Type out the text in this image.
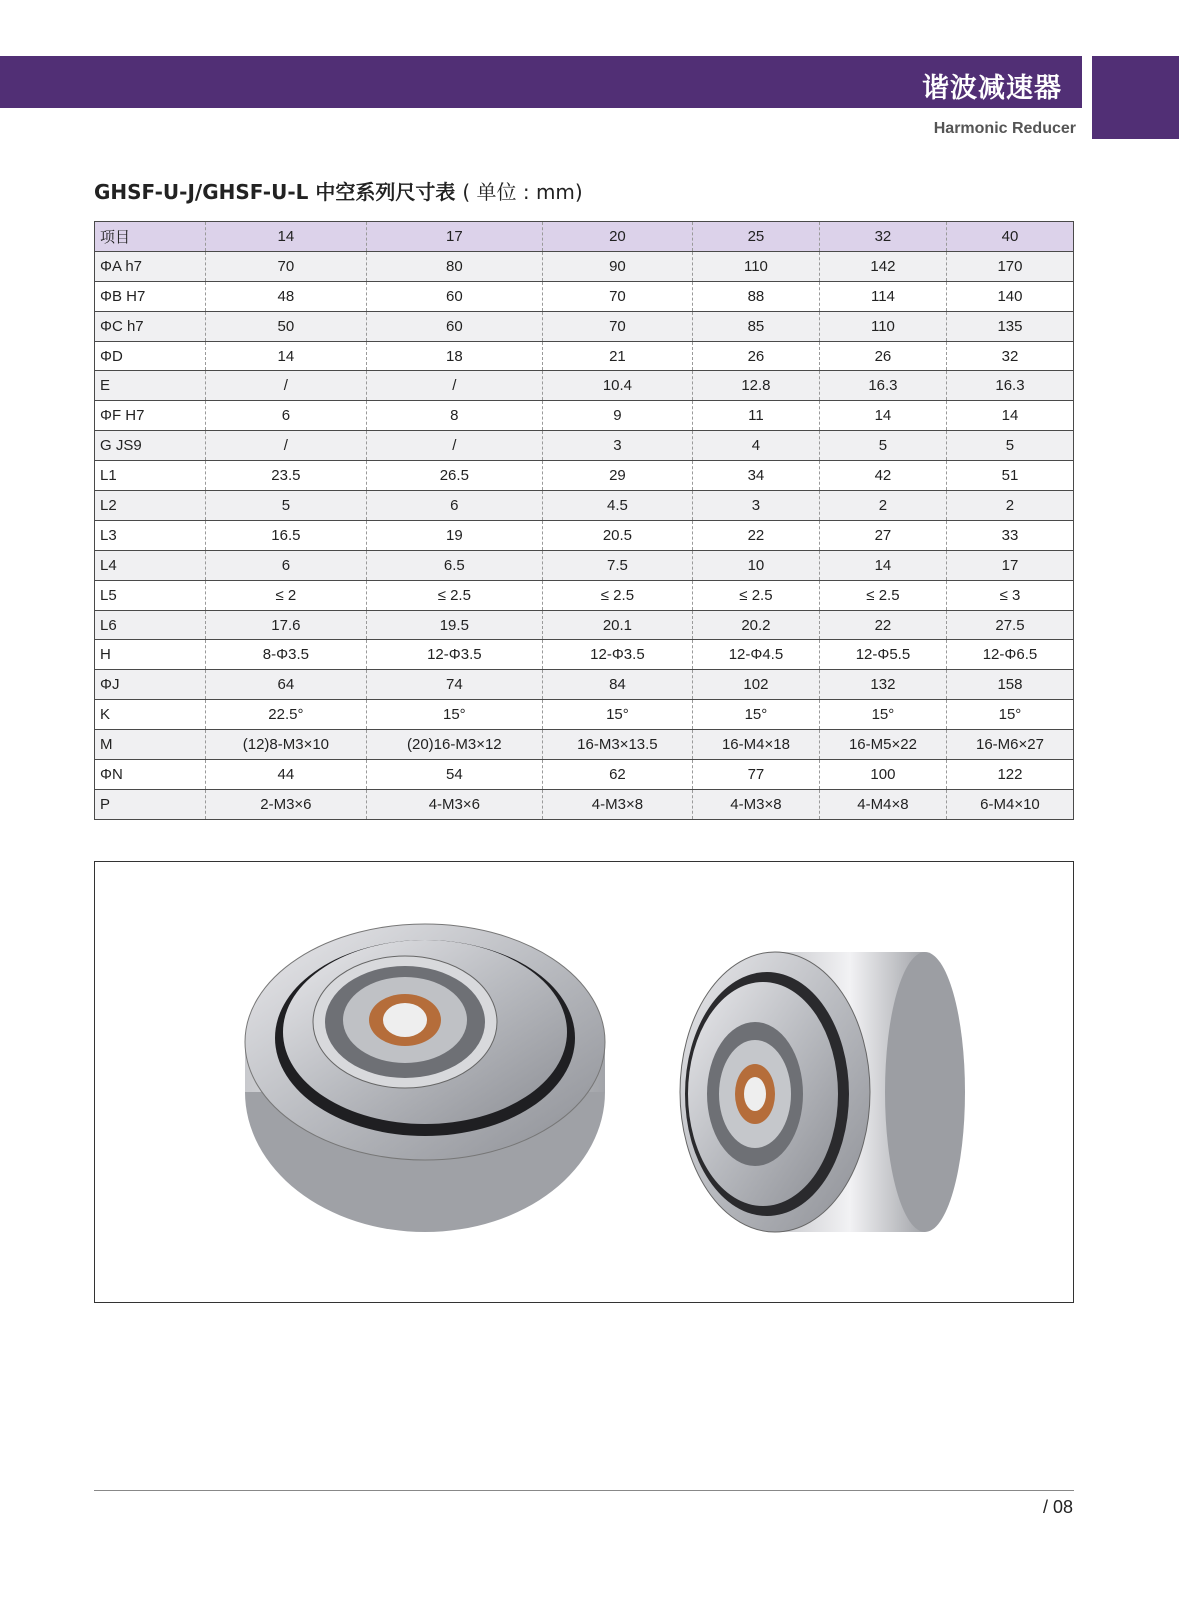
谐波减速器
Harmonic Reducer
GHSF-U-J/GHSF-U-L 中空系列尺寸表 ( 单位 : mm)
项目	14	17	20	25	32	40
ΦA h7	70	80	90	110	142	170
ΦB H7	48	60	70	88	114	140
ΦC h7	50	60	70	85	110	135
ΦD	14	18	21	26	26	32
E	/	/	10.4	12.8	16.3	16.3
ΦF H7	6	8	9	11	14	14
G JS9	/	/	3	4	5	5
L1	23.5	26.5	29	34	42	51
L2	5	6	4.5	3	2	2
L3	16.5	19	20.5	22	27	33
L4	6	6.5	7.5	10	14	17
L5	≤ 2	≤ 2.5	≤ 2.5	≤ 2.5	≤ 2.5	≤ 3
L6	17.6	19.5	20.1	20.2	22	27.5
H	8-Φ3.5	12-Φ3.5	12-Φ3.5	12-Φ4.5	12-Φ5.5	12-Φ6.5
ΦJ	64	74	84	102	132	158
K	22.5°	15°	15°	15°	15°	15°
M	(12)8-M3×10	(20)16-M3×12	16-M3×13.5	16-M4×18	16-M5×22	16-M6×27
ΦN	44	54	62	77	100	122
P	2-M3×6	4-M3×6	4-M3×8	4-M3×8	4-M4×8	6-M4×10
/ 08
